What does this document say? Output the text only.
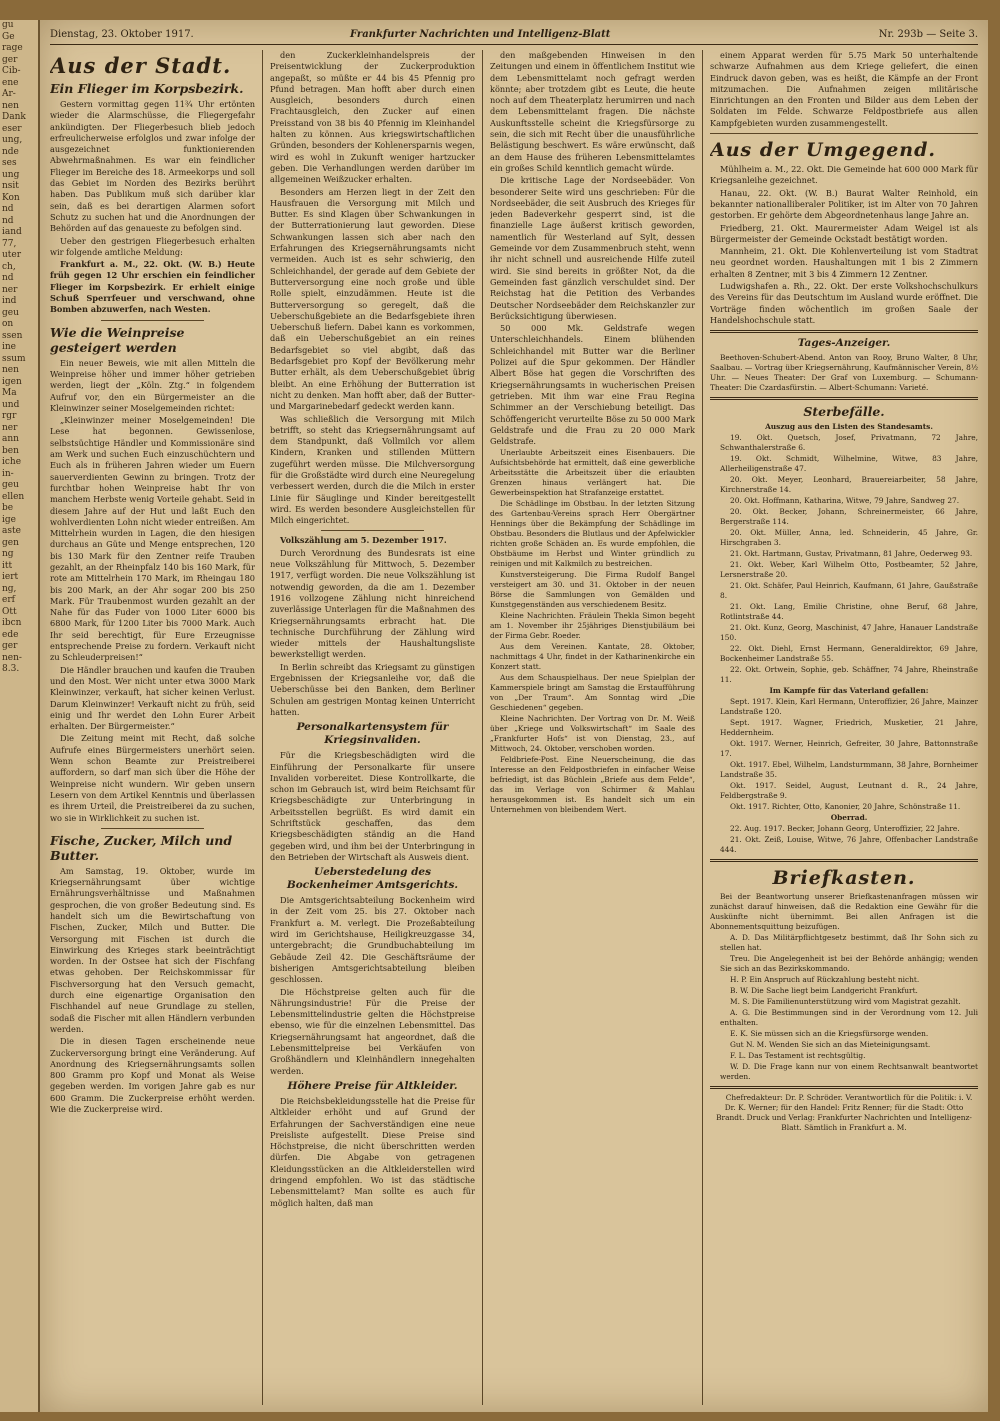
gu
Ge
rage
ger
Cib-
ene
Ar-
nen
Dank
eser
ung,
nde
ses
ung
nsit
Kon
nd
nd
iand
77,
uter
ch,
nd
ner
ind
geu
on
ssen
ine
ssum
nen
igen
Ma
und
rgr
ner
ann
ben
iche
in-
geu
ellen
be
ige
aste
gen
ng
itt
iert
ng,
erf
Ott
ibcn
ede
ger
nen-
8.3.
Dienstag, 23. Oktober 1917.	Frankfurter Nachrichten und Intelligenz-Blatt	Nr. 293b — Seite 3.
Aus der Stadt.
Ein Flieger im Korpsbezirk.

Gestern vormittag gegen 11¾ Uhr ertönten wieder die Alarmschüsse, die Fliegergefahr ankündigten. Der Fliegerbesuch blieb jedoch erfreulicherweise erfolglos und zwar infolge der ausgezeichnet funktionierenden Abwehrmaßnahmen. Es war ein feindlicher Flieger im Bereiche des 18. Armeekorps und soll das Gebiet im Norden des Bezirks berührt haben. Das Publikum muß sich darüber klar sein, daß es bei derartigen Alarmen sofort Schutz zu suchen hat und die Anordnungen der Behörden auf das genaueste zu befolgen sind.

Ueber den gestrigen Fliegerbesuch erhalten wir folgende amtliche Meldung:

Frankfurt a. M., 22. Okt. (W. B.) Heute früh gegen 12 Uhr erschien ein feindlicher Flieger im Korpsbezirk. Er erhielt einige Schuß Sperrfeuer und verschwand, ohne Bomben abzuwerfen, nach Westen.

Wie die Weinpreise gesteigert werden

Ein neuer Beweis, wie mit allen Mitteln die Weinpreise höher und immer höher getrieben werden, liegt der „Köln. Ztg.“ in folgendem Aufruf vor, den ein Bürgermeister an die Kleinwinzer seiner Moselgemeinden richtet:

„Kleinwinzer meiner Moselgemeinden! Die Lese hat begonnen. Gewissenlose, selbstsüchtige Händler und Kommissionäre sind am Werk und suchen Euch einzuschüchtern und Euch als in früheren Jahren wieder um Euern sauerverdienten Gewinn zu bringen. Trotz der furchtbar hohen Weinpreise habt Ihr von manchem Herbste wenig Vorteile gehabt. Seid in diesem Jahre auf der Hut und laßt Euch den wohlverdienten Lohn nicht wieder entreißen. Am Mittelrhein wurden in Lagen, die den hiesigen durchaus an Güte und Menge entsprechen, 120 bis 130 Mark für den Zentner reife Trauben gezahlt, an der Rheinpfalz 140 bis 160 Mark, für rote am Mittelrhein 170 Mark, im Rheingau 180 bis 200 Mark, an der Ahr sogar 200 bis 250 Mark. Für Traubenmost wurden gezahlt an der Nahe für das Fuder von 1000 Liter 6000 bis 6800 Mark, für 1200 Liter bis 7000 Mark. Auch Ihr seid berechtigt, für Eure Erzeugnisse entsprechende Preise zu fordern. Verkauft nicht zu Schleuderpreisen!“

Die Händler brauchen und kaufen die Trauben und den Most. Wer nicht unter etwa 3000 Mark Kleinwinzer, verkauft, hat sicher keinen Verlust. Darum Kleinwinzer! Verkauft nicht zu früh, seid einig und Ihr werdet den Lohn Eurer Arbeit erhalten. Der Bürgermeister.“

Die Zeitung meint mit Recht, daß solche Aufrufe eines Bürgermeisters unerhört seien. Wenn schon Beamte zur Preistreiberei auffordern, so darf man sich über die Höhe der Weinpreise nicht wundern. Wir geben unsern Lesern von dem Artikel Kenntnis und überlassen es ihrem Urteil, die Preistreiberei da zu suchen, wo sie in Wirklichkeit zu suchen ist.

Fische, Zucker, Milch und Butter.

Am Samstag, 19. Oktober, wurde im Kriegsernährungsamt über wichtige Ernährungsverhältnisse und Maßnahmen gesprochen, die von großer Bedeutung sind. Es handelt sich um die Bewirtschaftung von Fischen, Zucker, Milch und Butter. Die Versorgung mit Fischen ist durch die Einwirkung des Krieges stark beeinträchtigt worden. In der Ostsee hat sich der Fischfang etwas gehoben. Der Reichskommissar für Fischversorgung hat den Versuch gemacht, durch eine eigenartige Organisation den Fischhandel auf neue Grundlage zu stellen, sodaß die Fischer mit allen Händlern verbunden werden.

Die in diesen Tagen erscheinende neue Zuckerversorgung bringt eine Veränderung. Auf Anordnung des Kriegsernährungsamts sollen 800 Gramm pro Kopf und Monat als Weise gegeben werden. Im vorigen Jahre gab es nur 600 Gramm. Die Zuckerpreise erhöht werden. Wie die Zuckerpreise wird.

den Zuckerkleinhandelspreis der Preisentwicklung der Zuckerproduktion angepaßt, so müßte er 44 bis 45 Pfennig pro Pfund betragen. Man hofft aber durch einen Ausgleich, besonders durch einen Frachtausgleich, den Zucker auf einen Preisstand von 38 bis 40 Pfennig im Kleinhandel halten zu können. Aus kriegswirtschaftlichen Gründen, besonders der Kohlenersparnis wegen, wird es wohl in Zukunft weniger hartzucker geben. Die Verhandlungen werden darüber im allgemeinen Weißzucker erhalten.

Besonders am Herzen liegt in der Zeit den Hausfrauen die Versorgung mit Milch und Butter. Es sind Klagen über Schwankungen in der Butterrationierung laut geworden. Diese Schwankungen lassen sich aber nach den Erfahrungen des Kriegsernährungsamts nicht vermeiden. Auch ist es sehr schwierig, den Schleichhandel, der gerade auf dem Gebiete der Butterversorgung eine noch große und üble Rolle spielt, einzudämmen. Heute ist die Butterversorgung so geregelt, daß die Ueberschußgebiete an die Bedarfsgebiete ihren Ueberschuß liefern. Dabei kann es vorkommen, daß ein Ueberschußgebiet an ein reines Bedarfsgebiet so viel abgibt, daß das Bedarfsgebiet pro Kopf der Bevölkerung mehr Butter erhält, als dem Ueberschußgebiet übrig bleibt. An eine Erhöhung der Butterration ist nicht zu denken. Man hofft aber, daß der Butter- und Margarinebedarf gedeckt werden kann.

Was schließlich die Versorgung mit Milch betrifft, so steht das Kriegsernährungsamt auf dem Standpunkt, daß Vollmilch vor allem Kindern, Kranken und stillenden Müttern zugeführt werden müsse. Die Milchversorgung für die Großstädte wird durch eine Neuregelung verbessert werden, durch die die Milch in erster Linie für Säuglinge und Kinder bereitgestellt wird. Es werden besondere Ausgleichstellen für Milch eingerichtet.

Volkszählung am 5. Dezember 1917.

Durch Verordnung des Bundesrats ist eine neue Volkszählung für Mittwoch, 5. Dezember 1917, verfügt worden. Die neue Volkszählung ist notwendig geworden, da die am 1. Dezember 1916 vollzogene Zählung nicht hinreichend zuverlässige Unterlagen für die Maßnahmen des Kriegsernährungsamts erbracht hat. Die technische Durchführung der Zählung wird wieder mittels der Haushaltungsliste bewerkstelligt werden.

In Berlin schreibt das Kriegsamt zu günstigen Ergebnissen der Kriegsanleihe vor, daß die Ueberschüsse bei den Banken, dem Berliner Schulen am gestrigen Montag keinen Unterricht hatten.

Personalkartensystem für Kriegsinvaliden.

Für die Kriegsbeschädigten wird die Einführung der Personalkarte für unsere Invaliden vorbereitet. Diese Kontrollkarte, die schon im Gebrauch ist, wird beim Reichsamt für Kriegsbeschädigte zur Unterbringung in Arbeitsstellen begrüßt. Es wird damit ein Schriftstück geschaffen, das dem Kriegsbeschädigten ständig an die Hand gegeben wird, und ihm bei der Unterbringung in den Betrieben der Wirtschaft als Ausweis dient.

Ueberstedelung des Bockenheimer Amtsgerichts.

Die Amtsgerichtsabteilung Bockenheim wird in der Zeit vom 25. bis 27. Oktober nach Frankfurt a. M. verlegt. Die Prozeßabteilung wird im Gerichtshause, Heiligkreuzgasse 34, untergebracht; die Grundbuchabteilung im Gebäude Zeil 42. Die Geschäftsräume der bisherigen Amtsgerichtsabteilung bleiben geschlossen.

Die Höchstpreise gelten auch für die Nährungsindustrie! Für die Preise der Lebensmittelindustrie gelten die Höchstpreise ebenso, wie für die einzelnen Lebensmittel. Das Kriegsernährungsamt hat angeordnet, daß die Lebensmittelpreise bei Verkäufen von Großhändlern und Kleinhändlern innegehalten werden.

Höhere Preise für Altkleider.

Die Reichsbekleidungsstelle hat die Preise für Altkleider erhöht und auf Grund der Erfahrungen der Sachverständigen eine neue Preisliste aufgestellt. Diese Preise sind Höchstpreise, die nicht überschritten werden dürfen. Die Abgabe von getragenen Kleidungsstücken an die Altkleiderstellen wird dringend empfohlen. Wo ist das städtische Lebensmittelamt? Man sollte es auch für möglich halten, daß man

den maßgebenden Hinweisen in den Zeitungen und einem in öffentlichem Institut wie dem Lebensmittelamt noch gefragt werden könnte; aber trotzdem gibt es Leute, die heute noch auf dem Theaterplatz herumirren und nach dem Lebensmittelamt fragen. Die nächste Auskunftsstelle scheint die Kriegsfürsorge zu sein, die sich mit Recht über die unausführliche Belästigung beschwert. Es wäre erwünscht, daß an dem Hause des früheren Lebensmittelamtes ein großes Schild kenntlich gemacht würde.

Die kritische Lage der Nordseebäder. Von besonderer Seite wird uns geschrieben: Für die Nordseebäder, die seit Ausbruch des Krieges für jeden Badeverkehr gesperrt sind, ist die finanzielle Lage äußerst kritisch geworden, namentlich für Westerland auf Sylt, dessen Gemeinde vor dem Zusammenbruch steht, wenn ihr nicht schnell und ausreichende Hilfe zuteil wird. Sie sind bereits in größter Not, da die Gemeinden fast gänzlich verschuldet sind. Der Reichstag hat die Petition des Verbandes Deutscher Nordseebäder dem Reichskanzler zur Berücksichtigung überwiesen.

50 000 Mk. Geldstrafe wegen Unterschleichhandels. Einem blühenden Schleichhandel mit Butter war die Berliner Polizei auf die Spur gekommen. Der Händler Albert Böse hat gegen die Vorschriften des Kriegsernährungsamts in wucherischen Preisen getrieben. Mit ihm war eine Frau Regina Schimmer an der Verschiebung beteiligt. Das Schöffengericht verurteilte Böse zu 50 000 Mark Geldstrafe und die Frau zu 20 000 Mark Geldstrafe.

Unerlaubte Arbeitszeit eines Eisenbauers. Die Aufsichtsbehörde hat ermittelt, daß eine gewerbliche Arbeitsstätte die Arbeitszeit über die erlaubten Grenzen hinaus verlängert hat. Die Gewerbeinspektion hat Strafanzeige erstattet.

Die Schädlinge im Obstbau. In der letzten Sitzung des Gartenbau-Vereins sprach Herr Obergärtner Hennings über die Bekämpfung der Schädlinge im Obstbau. Besonders die Blutlaus und der Apfelwickler richten große Schäden an. Es wurde empfohlen, die Obstbäume im Herbst und Winter gründlich zu reinigen und mit Kalkmilch zu bestreichen.

Kunstversteigerung. Die Firma Rudolf Bangel versteigert am 30. und 31. Oktober in der neuen Börse die Sammlungen von Gemälden und Kunstgegenständen aus verschiedenem Besitz.

Kleine Nachrichten. Fräulein Thekla Simon begeht am 1. November ihr 25jähriges Dienstjubiläum bei der Firma Gebr. Roeder.

Aus dem Vereinen. Kantate, 28. Oktober, nachmittags 4 Uhr, findet in der Katharinenkirche ein Konzert statt.

Aus dem Schauspielhaus. Der neue Spielplan der Kammerspiele bringt am Samstag die Erstaufführung von „Der Traum“. Am Sonntag wird „Die Geschiedenen“ gegeben.

Kleine Nachrichten. Der Vortrag von Dr. M. Weiß über „Kriege und Volkswirtschaft“ im Saale des „Frankfurter Hofs“ ist von Dienstag, 23., auf Mittwoch, 24. Oktober, verschoben worden.

Feldbriefe-Post. Eine Neuerscheinung, die das Interesse an den Feldpostbriefen in einfacher Weise befriedigt, ist das Büchlein „Briefe aus dem Felde“, das im Verlage von Schirmer & Mahlau herausgekommen ist. Es handelt sich um ein Unternehmen von bleibendem Wert.

einem Apparat werden für 5.75 Mark 50 unterhaltende schwarze Aufnahmen aus dem Kriege geliefert, die einen Eindruck davon geben, was es heißt, die Kämpfe an der Front mitzumachen. Die Aufnahmen zeigen militärische Einrichtungen an den Fronten und Bilder aus dem Leben der Soldaten im Felde. Schwarze Feldpostbriefe aus allen Kampfgebieten wurden zusammengestellt.

Aus der Umgegend.

Mühlheim a. M., 22. Okt. Die Gemeinde hat 600 000 Mark für Kriegsanleihe gezeichnet.

Hanau, 22. Okt. (W. B.) Baurat Walter Reinhold, ein bekannter nationalliberaler Politiker, ist im Alter von 70 Jahren gestorben. Er gehörte dem Abgeordnetenhaus lange Jahre an.

Friedberg, 21. Okt. Maurermeister Adam Weigel ist als Bürgermeister der Gemeinde Ockstadt bestätigt worden.

Mannheim, 21. Okt. Die Kohlenverteilung ist vom Stadtrat neu geordnet worden. Haushaltungen mit 1 bis 2 Zimmern erhalten 8 Zentner, mit 3 bis 4 Zimmern 12 Zentner.

Ludwigshafen a. Rh., 22. Okt. Der erste Volkshochschulkurs des Vereins für das Deutschtum im Ausland wurde eröffnet. Die Vorträge finden wöchentlich im großen Saale der Handelshochschule statt.

Tages-Anzeiger.

Beethoven-Schubert-Abend. Anton van Rooy, Bruno Walter, 8 Uhr, Saalbau. — Vortrag über Kriegsernährung, Kaufmännischer Verein, 8½ Uhr. — Neues Theater: Der Graf von Luxemburg. — Schumann-Theater: Die Czardasfürstin. — Albert-Schumann: Varieté.

Sterbefälle.

Auszug aus den Listen des Standesamts.

19. Okt. Quetsch, Josef, Privatmann, 72 Jahre, Schwanthalerstraße 6.

19. Okt. Schmidt, Wilhelmine, Witwe, 83 Jahre, Allerheiligenstraße 47.

20. Okt. Meyer, Leonhard, Brauereiarbeiter, 58 Jahre, Kirchnerstraße 14.

20. Okt. Hoffmann, Katharina, Witwe, 79 Jahre, Sandweg 27.

20. Okt. Becker, Johann, Schreinermeister, 66 Jahre, Bergerstraße 114.

20. Okt. Müller, Anna, led. Schneiderin, 45 Jahre, Gr. Hirschgraben 3.

21. Okt. Hartmann, Gustav, Privatmann, 81 Jahre, Oederweg 93.

21. Okt. Weber, Karl Wilhelm Otto, Postbeamter, 52 Jahre, Lersnerstraße 20.

21. Okt. Schäfer, Paul Heinrich, Kaufmann, 61 Jahre, Gaußstraße 8.

21. Okt. Lang, Emilie Christine, ohne Beruf, 68 Jahre, Rotlintstraße 44.

21. Okt. Kunz, Georg, Maschinist, 47 Jahre, Hanauer Landstraße 150.

22. Okt. Diehl, Ernst Hermann, Generaldirektor, 69 Jahre, Bockenheimer Landstraße 55.

22. Okt. Ortwein, Sophie, geb. Schäffner, 74 Jahre, Rheinstraße 11.

Im Kampfe für das Vaterland gefallen:

Sept. 1917. Klein, Karl Hermann, Unteroffizier, 26 Jahre, Mainzer Landstraße 120.

Sept. 1917. Wagner, Friedrich, Musketier, 21 Jahre, Heddernheim.

Okt. 1917. Werner, Heinrich, Gefreiter, 30 Jahre, Battonnstraße 17.

Okt. 1917. Ebel, Wilhelm, Landsturmmann, 38 Jahre, Bornheimer Landstraße 35.

Okt. 1917. Seidel, August, Leutnant d. R., 24 Jahre, Feldbergstraße 9.

Okt. 1917. Richter, Otto, Kanonier, 20 Jahre, Schönstraße 11.

Oberrad.

22. Aug. 1917. Becker, Johann Georg, Unteroffizier, 22 Jahre.

21. Okt. Zeiß, Louise, Witwe, 76 Jahre, Offenbacher Landstraße 444.

Briefkasten.

Bei der Beantwortung unserer Briefkastenanfragen müssen wir zunächst darauf hinweisen, daß die Redaktion eine Gewähr für die Auskünfte nicht übernimmt. Bei allen Anfragen ist die Abonnementsquittung beizufügen.

A. D. Das Militärpflichtgesetz bestimmt, daß Ihr Sohn sich zu stellen hat.

Treu. Die Angelegenheit ist bei der Behörde anhängig; wenden Sie sich an das Bezirkskommando.

H. P. Ein Anspruch auf Rückzahlung besteht nicht.

B. W. Die Sache liegt beim Landgericht Frankfurt.

M. S. Die Familienunterstützung wird vom Magistrat gezahlt.

A. G. Die Bestimmungen sind in der Verordnung vom 12. Juli enthalten.

E. K. Sie müssen sich an die Kriegsfürsorge wenden.

Gut N. M. Wenden Sie sich an das Mieteinigungsamt.

F. L. Das Testament ist rechtsgültig.

W. D. Die Frage kann nur von einem Rechtsanwalt beantwortet werden.

Chefredakteur: Dr. P. Schröder. Verantwortlich für die Politik: i. V. Dr. K. Werner; für den Handel: Fritz Renner; für die Stadt: Otto Brandt. Druck und Verlag: Frankfurter Nachrichten und Intelligenz-Blatt. Sämtlich in Frankfurt a. M.
